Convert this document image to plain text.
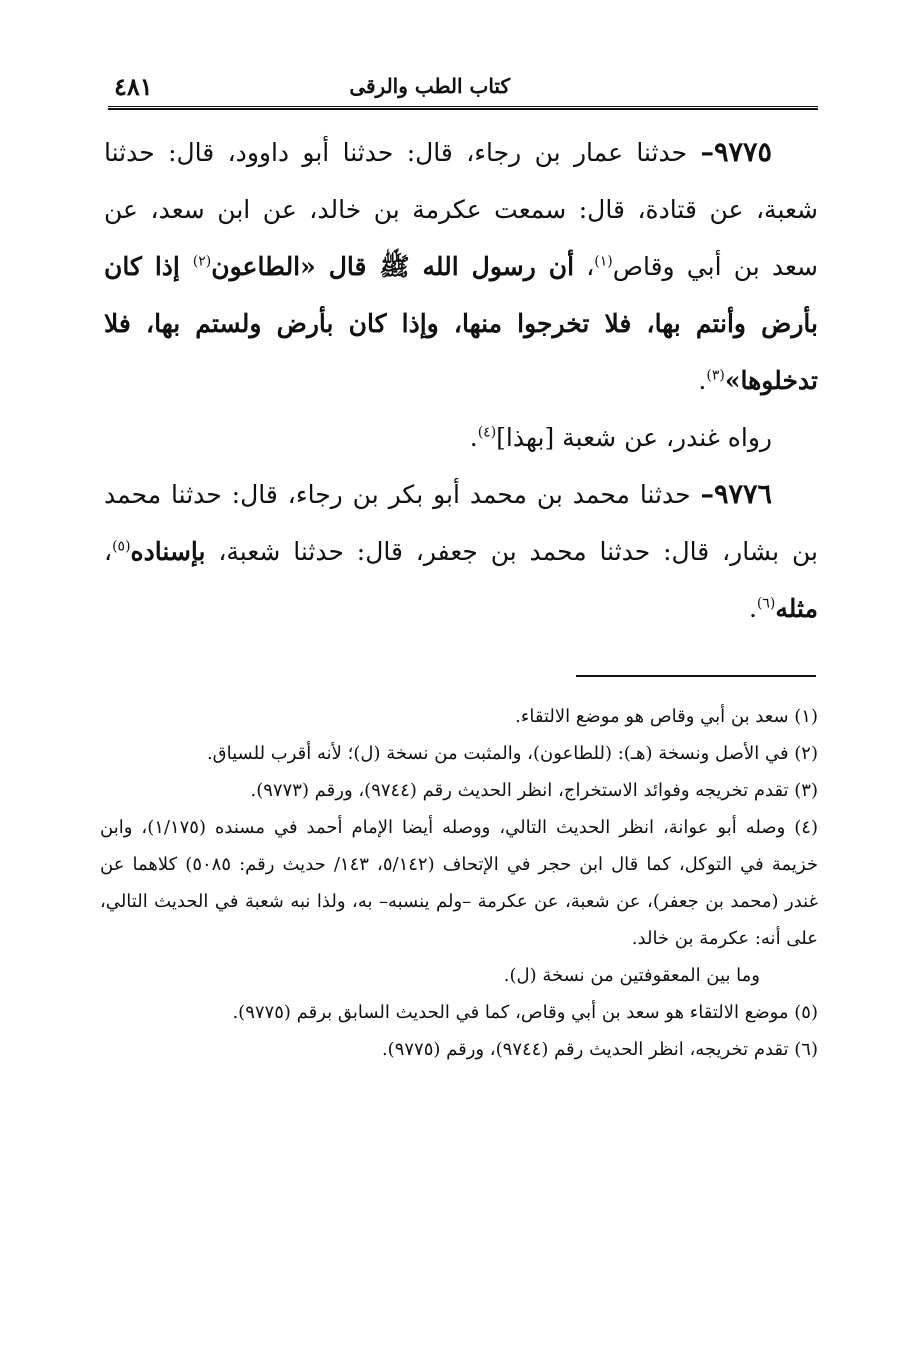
كتاب الطب والرقى
٤٨١

٩٧٧٥– حدثنا عمار بن رجاء، قال: حدثنا أبو داوود، قال: حدثنا شعبة، عن قتادة، قال: سمعت عكرمة بن خالد، عن ابن سعد، عن سعد بن أبي وقاص$^{(١)}$، أن رسول الله ﷺ قال «الطاعون$^{(٢)}$ إذا كان بأرض وأنتم بها، فلا تخرجوا منها، وإذا كان بأرض ولستم بها، فلا تدخلوها»$^{(٣)}$.

رواه غندر، عن شعبة [بهذا]$^{(٤)}$.

٩٧٧٦– حدثنا محمد بن محمد أبو بكر بن رجاء، قال: حدثنا محمد بن بشار، قال: حدثنا محمد بن جعفر، قال: حدثنا شعبة، بإسناده$^{(٥)}$، مثله$^{(٦)}$.

(١) سعد بن أبي وقاص هو موضع الالتقاء.

(٢) في الأصل ونسخة (هـ): (للطاعون)، والمثبت من نسخة (ل)؛ لأنه أقرب للسياق.

(٣) تقدم تخريجه وفوائد الاستخراج، انظر الحديث رقم (٩٧٤٤)، ورقم (٩٧٧٣).

(٤) وصله أبو عوانة، انظر الحديث التالي، ووصله أيضا الإمام أحمد في مسنده (١/١٧٥)، وابن خزيمة في التوكل، كما قال ابن حجر في الإتحاف (٥/١٤٢، ١٤٣/ حديث رقم: ٥٠٨٥) كلاهما عن غندر (محمد بن جعفر)، عن شعبة، عن عكرمة –ولم ينسبه– به، ولذا نبه شعبة في الحديث التالي، على أنه: عكرمة بن خالد.

وما بين المعقوفتين من نسخة (ل).

(٥) موضع الالتقاء هو سعد بن أبي وقاص، كما في الحديث السابق برقم (٩٧٧٥).

(٦) تقدم تخريجه، انظر الحديث رقم (٩٧٤٤)، ورقم (٩٧٧٥).
